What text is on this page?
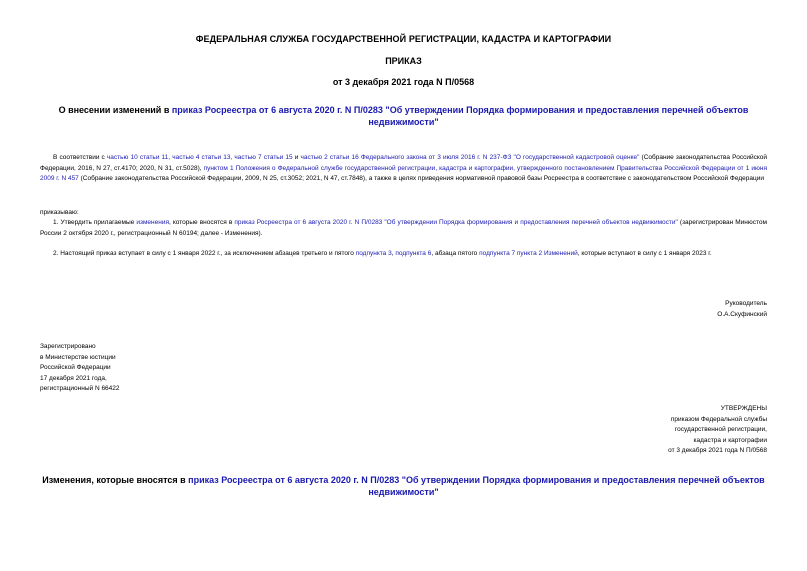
ФЕДЕРАЛЬНАЯ СЛУЖБА ГОСУДАРСТВЕННОЙ РЕГИСТРАЦИИ, КАДАСТРА И КАРТОГРАФИИ
ПРИКАЗ
от 3 декабря 2021 года N П/0568
О внесении изменений в приказ Росреестра от 6 августа 2020 г. N П/0283 "Об утверждении Порядка формирования и предоставления перечней объектов недвижимости"
В соответствии с частью 10 статьи 11, частью 4 статьи 13, частью 7 статьи 15 и частью 2 статьи 16 Федерального закона от 3 июля 2016 г. N 237-ФЗ "О государственной кадастровой оценке" (Собрание законодательства Российской Федерации, 2016, N 27, ст.4170; 2020, N 31, ст.5028), пунктом 1 Положения о Федеральной службе государственной регистрации, кадастра и картографии, утвержденного постановлением Правительства Российской Федерации от 1 июня 2009 г. N 457 (Собрание законодательства Российской Федерации, 2009, N 25, ст.3052; 2021, N 47, ст.7848), а также в целях приведения нормативной правовой базы Росреестра в соответствие с законодательством Российской Федерации
приказываю:
1. Утвердить прилагаемые изменения, которые вносятся в приказ Росреестра от 6 августа 2020 г. N П/0283 "Об утверждении Порядка формирования и предоставления перечней объектов недвижимости" (зарегистрирован Минюстом России 2 октября 2020 г., регистрационный N 60194; далее - Изменения).
2. Настоящий приказ вступает в силу с 1 января 2022 г., за исключением абзацев третьего и пятого подпункта 3, подпункта 6, абзаца пятого подпункта 7 пункта 2 Изменений, которые вступают в силу с 1 января 2023 г.
Руководитель
О.А.Скуфинский
Зарегистрировано
в Министерстве юстиции
Российской Федерации
17 декабря 2021 года,
регистрационный N 66422
УТВЕРЖДЕНЫ
приказом Федеральной службы
государственной регистрации,
кадастра и картографии
от 3 декабря 2021 года N П/0568
Изменения, которые вносятся в приказ Росреестра от 6 августа 2020 г. N П/0283 "Об утверждении Порядка формирования и предоставления перечней объектов недвижимости"
